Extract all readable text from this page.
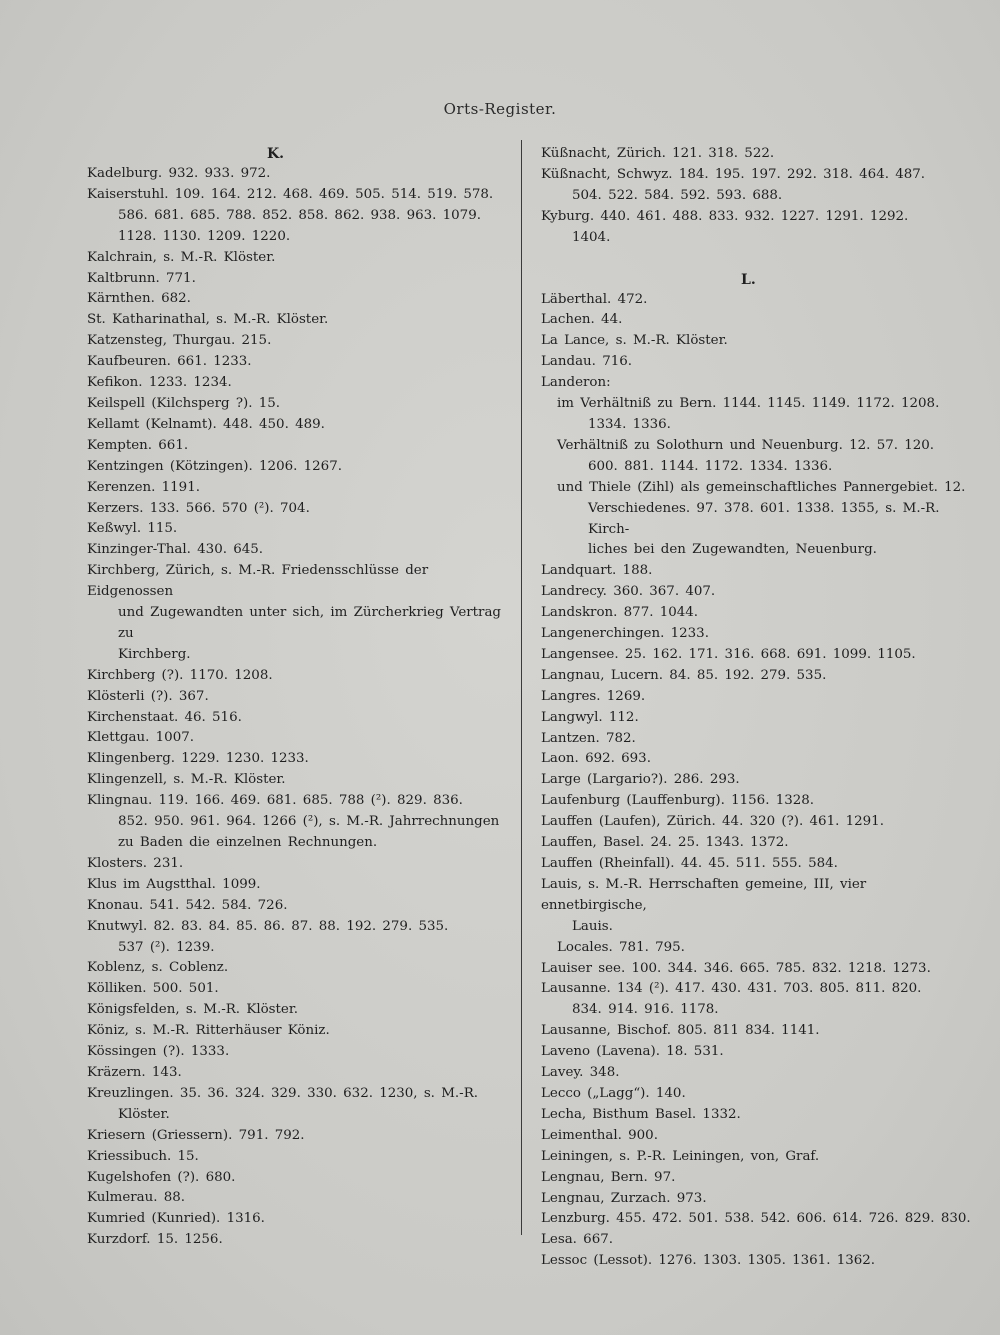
Orts-Register.
K.
Kadelburg. 932. 933. 972.
Kaiserstuhl. 109. 164. 212. 468. 469. 505. 514. 519. 578.
586. 681. 685. 788. 852. 858. 862. 938. 963. 1079.
1128. 1130. 1209. 1220.
Kalchrain, s. M.-R. Klöster.
Kaltbrunn. 771.
Kärnthen. 682.
St. Katharinathal, s. M.-R. Klöster.
Katzensteg, Thurgau. 215.
Kaufbeuren. 661. 1233.
Kefikon. 1233. 1234.
Keilspell (Kilchsperg ?). 15.
Kellamt (Kelnamt). 448. 450. 489.
Kempten. 661.
Kentzingen (Kötzingen). 1206. 1267.
Kerenzen. 1191.
Kerzers. 133. 566. 570 (²). 704.
Keßwyl. 115.
Kinzinger-Thal. 430. 645.
Kirchberg, Zürich, s. M.-R. Friedensschlüsse der Eidgenossen
und Zugewandten unter sich, im Zürcherkrieg Vertrag zu
Kirchberg.
Kirchberg (?). 1170. 1208.
Klösterli (?). 367.
Kirchenstaat. 46. 516.
Klettgau. 1007.
Klingenberg. 1229. 1230. 1233.
Klingenzell, s. M.-R. Klöster.
Klingnau. 119. 166. 469. 681. 685. 788 (²). 829. 836.
852. 950. 961. 964. 1266 (²), s. M.-R. Jahrrechnungen
zu Baden die einzelnen Rechnungen.
Klosters. 231.
Klus im Augstthal. 1099.
Knonau. 541. 542. 584. 726.
Knutwyl. 82. 83. 84. 85. 86. 87. 88. 192. 279. 535.
537 (²). 1239.
Koblenz, s. Coblenz.
Kölliken. 500. 501.
Königsfelden, s. M.-R. Klöster.
Köniz, s. M.-R. Ritterhäuser Köniz.
Kössingen (?). 1333.
Kräzern. 143.
Kreuzlingen. 35. 36. 324. 329. 330. 632. 1230, s. M.-R.
Klöster.
Kriesern (Griessern). 791. 792.
Kriessibuch. 15.
Kugelshofen (?). 680.
Kulmerau. 88.
Kumried (Kunried). 1316.
Kurzdorf. 15. 1256.
Küßnacht, Zürich. 121. 318. 522.
Küßnacht, Schwyz. 184. 195. 197. 292. 318. 464. 487.
504. 522. 584. 592. 593. 688.
Kyburg. 440. 461. 488. 833. 932. 1227. 1291. 1292.
1404.
L.
Läberthal. 472.
Lachen. 44.
La Lance, s. M.-R. Klöster.
Landau. 716.
Landeron:
im Verhältniß zu Bern. 1144. 1145. 1149. 1172. 1208.
1334. 1336.
Verhältniß zu Solothurn und Neuenburg. 12. 57. 120.
600. 881. 1144. 1172. 1334. 1336.
und Thiele (Zihl) als gemeinschaftliches Pannergebiet. 12.
Verschiedenes. 97. 378. 601. 1338. 1355, s. M.-R. Kirch-
liches bei den Zugewandten, Neuenburg.
Landquart. 188.
Landrecy. 360. 367. 407.
Landskron. 877. 1044.
Langenerchingen. 1233.
Langensee. 25. 162. 171. 316. 668. 691. 1099. 1105.
Langnau, Lucern. 84. 85. 192. 279. 535.
Langres. 1269.
Langwyl. 112.
Lantzen. 782.
Laon. 692. 693.
Large (Largario?). 286. 293.
Laufenburg (Lauffenburg). 1156. 1328.
Lauffen (Laufen), Zürich. 44. 320 (?). 461. 1291.
Lauffen, Basel. 24. 25. 1343. 1372.
Lauffen (Rheinfall). 44. 45. 511. 555. 584.
Lauis, s. M.-R. Herrschaften gemeine, III, vier ennetbirgische,
Lauis.
Locales. 781. 795.
Lauiser see. 100. 344. 346. 665. 785. 832. 1218. 1273.
Lausanne. 134 (²). 417. 430. 431. 703. 805. 811. 820.
834. 914. 916. 1178.
Lausanne, Bischof. 805. 811 834. 1141.
Laveno (Lavena). 18. 531.
Lavey. 348.
Lecco („Lagg“). 140.
Lecha, Bisthum Basel. 1332.
Leimenthal. 900.
Leiningen, s. P.-R. Leiningen, von, Graf.
Lengnau, Bern. 97.
Lengnau, Zurzach. 973.
Lenzburg. 455. 472. 501. 538. 542. 606. 614. 726. 829. 830.
Lesa. 667.
Lessoc (Lessot). 1276. 1303. 1305. 1361. 1362.
